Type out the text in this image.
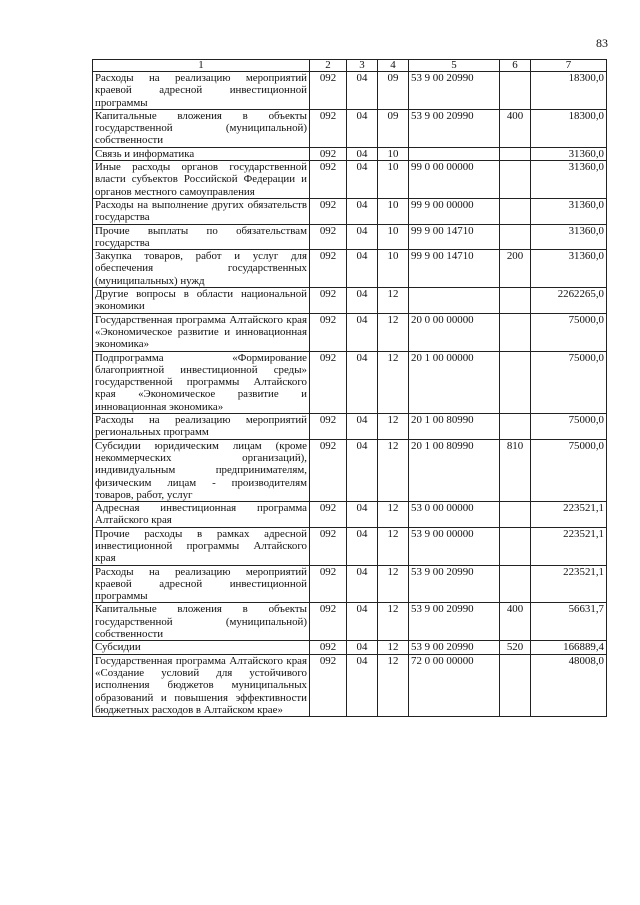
83
1	2	3	4	5	6	7
Расходы на реализацию мероприятий краевой адресной инвестиционной программы	092	04	09	53 9 00 20990		18300,0
Капитальные вложения в объекты государственной (муниципальной) собственности	092	04	09	53 9 00 20990	400	18300,0
Связь и информатика	092	04	10			31360,0
Иные расходы органов государственной власти субъектов Российской Федерации и органов местного самоуправления	092	04	10	99 0 00 00000		31360,0
Расходы на выполнение других обязательств государства	092	04	10	99 9 00 00000		31360,0
Прочие выплаты по обязательствам государства	092	04	10	99 9 00 14710		31360,0
Закупка товаров, работ и услуг для обеспечения государственных (муниципальных) нужд	092	04	10	99 9 00 14710	200	31360,0
Другие вопросы в области национальной экономики	092	04	12			2262265,0
Государственная программа Алтайского края «Экономическое развитие и инновационная экономика»	092	04	12	20 0 00 00000		75000,0
Подпрограмма «Формирование благоприятной инвестиционной среды» государственной программы Алтайского края «Экономическое развитие и инновационная экономика»	092	04	12	20 1 00 00000		75000,0
Расходы на реализацию мероприятий региональных программ	092	04	12	20 1 00 80990		75000,0
Субсидии юридическим лицам (кроме некоммерческих организаций), индивидуальным предпринимателям, физическим лицам - производителям товаров, работ, услуг	092	04	12	20 1 00 80990	810	75000,0
Адресная инвестиционная программа Алтайского края	092	04	12	53 0 00 00000		223521,1
Прочие расходы в рамках адресной инвестиционной программы Алтайского края	092	04	12	53 9 00 00000		223521,1
Расходы на реализацию мероприятий краевой адресной инвестиционной программы	092	04	12	53 9 00 20990		223521,1
Капитальные вложения в объекты государственной (муниципальной) собственности	092	04	12	53 9 00 20990	400	56631,7
Субсидии	092	04	12	53 9 00 20990	520	166889,4
Государственная программа Алтайского края «Создание условий для устойчивого исполнения бюджетов муниципальных образований и повышения эффективности бюджетных расходов в Алтайском крае»	092	04	12	72 0 00 00000		48008,0
